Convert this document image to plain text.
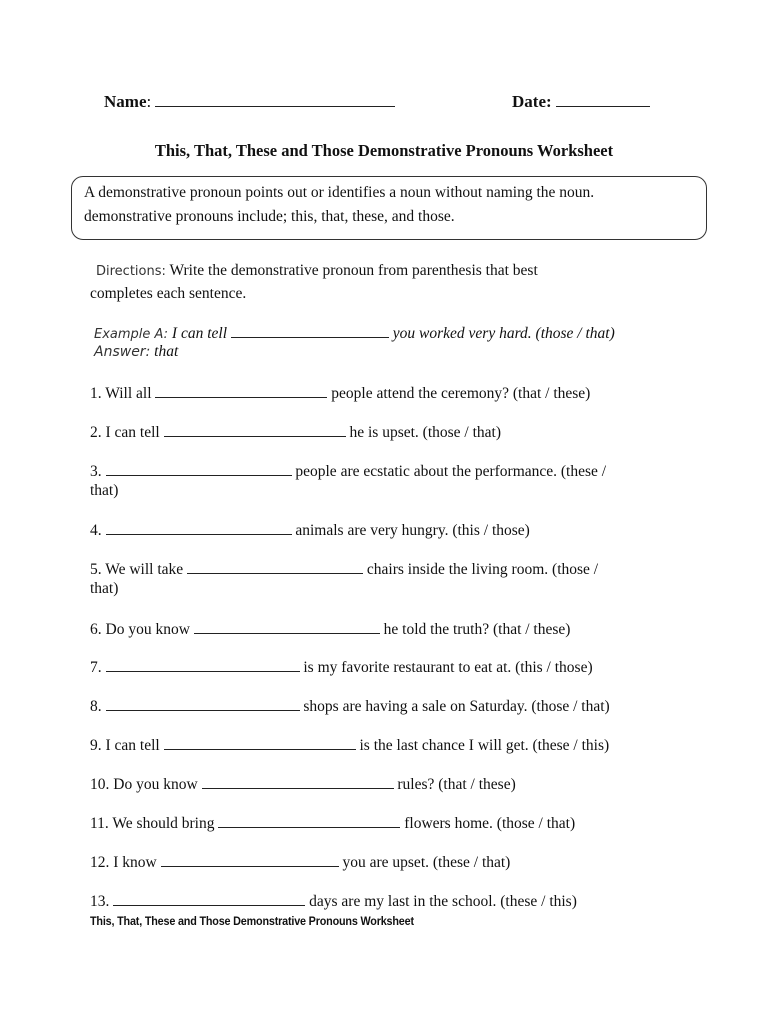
Name:	Date:
This, That, These and Those Demonstrative Pronouns Worksheet
A demonstrative pronoun points out or identifies a noun without naming the noun.
demonstrative pronouns include; this, that, these, and those.
Directions: Write the demonstrative pronoun from parenthesis that best
completes each sentence.
Example A: I can tell	you worked very hard. (those / that)
Answer: that
1. Will all	people attend the ceremony? (that / these)
2. I can tell	he is upset. (those / that)
3.	people are ecstatic about the performance. (these /
that)
4.	animals are very hungry. (this / those)
5. We will take	chairs inside the living room. (those /
that)
6. Do you know	he told the truth? (that / these)
7.	is my favorite restaurant to eat at. (this / those)
8.	shops are having a sale on Saturday. (those / that)
9. I can tell	is the last chance I will get. (these / this)
10. Do you know	rules? (that / these)
11. We should bring	flowers home. (those / that)
12. I know	you are upset. (these / that)
13.	days are my last in the school. (these / this)
This, That, These and Those Demonstrative Pronouns Worksheet
